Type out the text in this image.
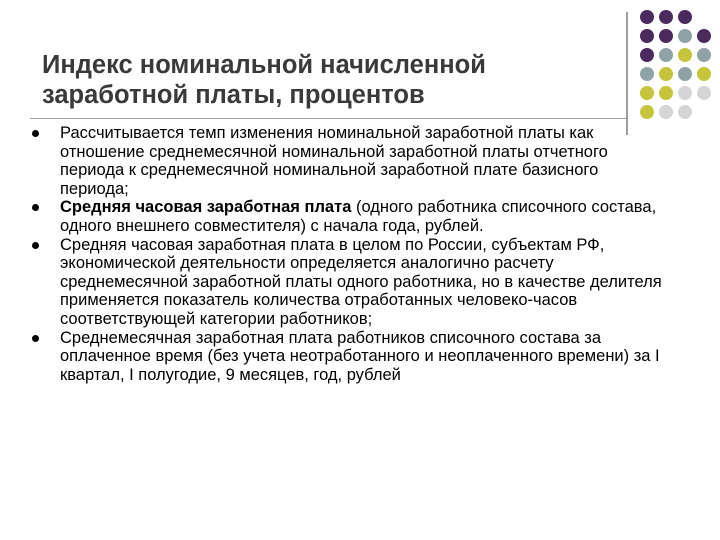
Индекс номинальной начисленной
заработной платы, процентов
Рассчитывается темп изменения номинальной заработной платы как отношение среднемесячной номинальной заработной платы отчетного периода к среднемесячной номинальной заработной плате базисного периода;
Средняя часовая заработная плата (одного работника списочного состава, одного внешнего совместителя) с начала года, рублей.
Средняя часовая заработная плата в целом по России, субъектам РФ, экономической деятельности определяется аналогично расчету среднемесячной заработной платы одного работника, но в качестве делителя применяется показатель количества отработанных человеко-часов соответствующей категории работников;
Среднемесячная заработная плата работников списочного состава за оплаченное время (без учета неотработанного и неоплаченного времени) за I квартал, I полугодие, 9 месяцев, год, рублей
